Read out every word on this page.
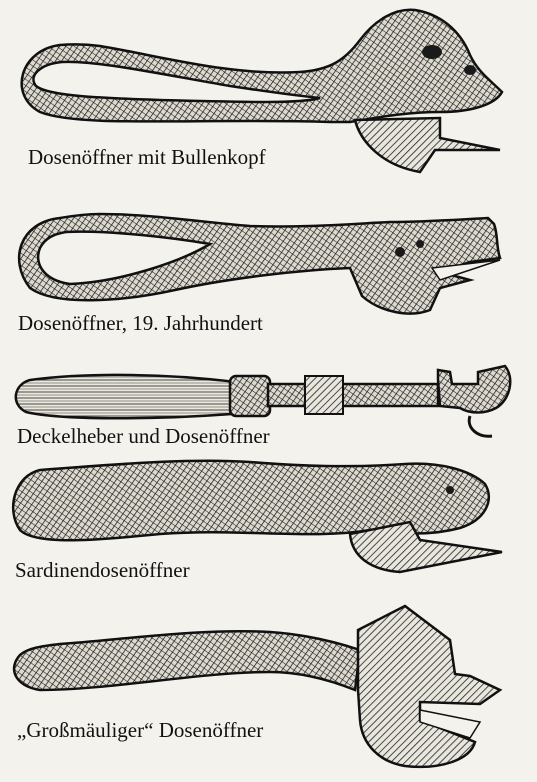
Dosenöffner mit Bullenkopf
Dosenöffner, 19. Jahrhundert
Deckelheber und Dosenöffner
Sardinendosenöffner
„Großmäuliger“ Dosenöffner
